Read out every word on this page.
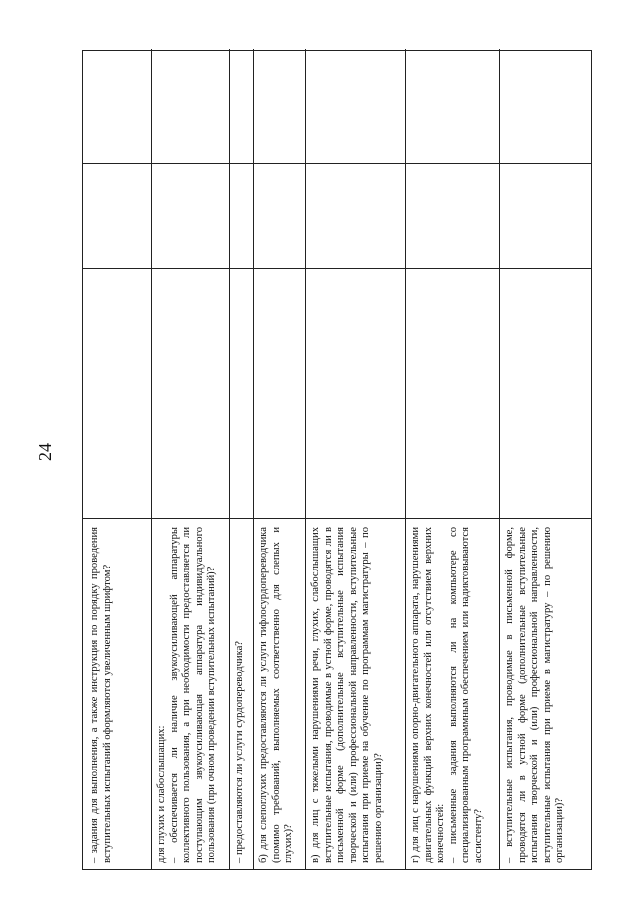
24

– задания для выполнения, а также инструкция по порядку проведения вступительных испытаний оформляются увеличенным шрифтом?	для глухих и слабослышащих: – обеспечивается ли наличие звукоусиливающей аппаратуры коллективного пользования, а при необходимости предоставляется ли поступающим звукоусиливающая аппаратура индивидуального пользования (при очном проведении вступительных испытаний)? – предоставляются ли услуги сурдопереводчика? б) для слепоглухих предоставляются ли услуги тифлосурдопереводчика (помимо требований, выполняемых соответственно для слепых и глухих)? в) для лиц с тяжелыми нарушениями речи, глухих, слабослышащих вступительные испытания, проводимые в устной форме, проводятся ли в письменной форме (дополнительные вступительные испытания творческой и (или) профессиональной направленности, вступительные испытания при приеме на обучение по программам магистратуры – по решению организации)? г) для лиц с нарушениями опорно-двигательного аппарата, нарушениями двигательных функций верхних конечностей или отсутствием верхних конечностей: – письменные задания выполняются ли на компьютере со специализированным программным обеспечением или надиктовываются ассистенту? – вступительные испытания, проводимые в письменной форме, проводятся ли в устной форме (дополнительные вступительные испытания творческой и (или) профессиональной направленности, вступительные испытания при приеме в магистратуру – по решению организации)?
